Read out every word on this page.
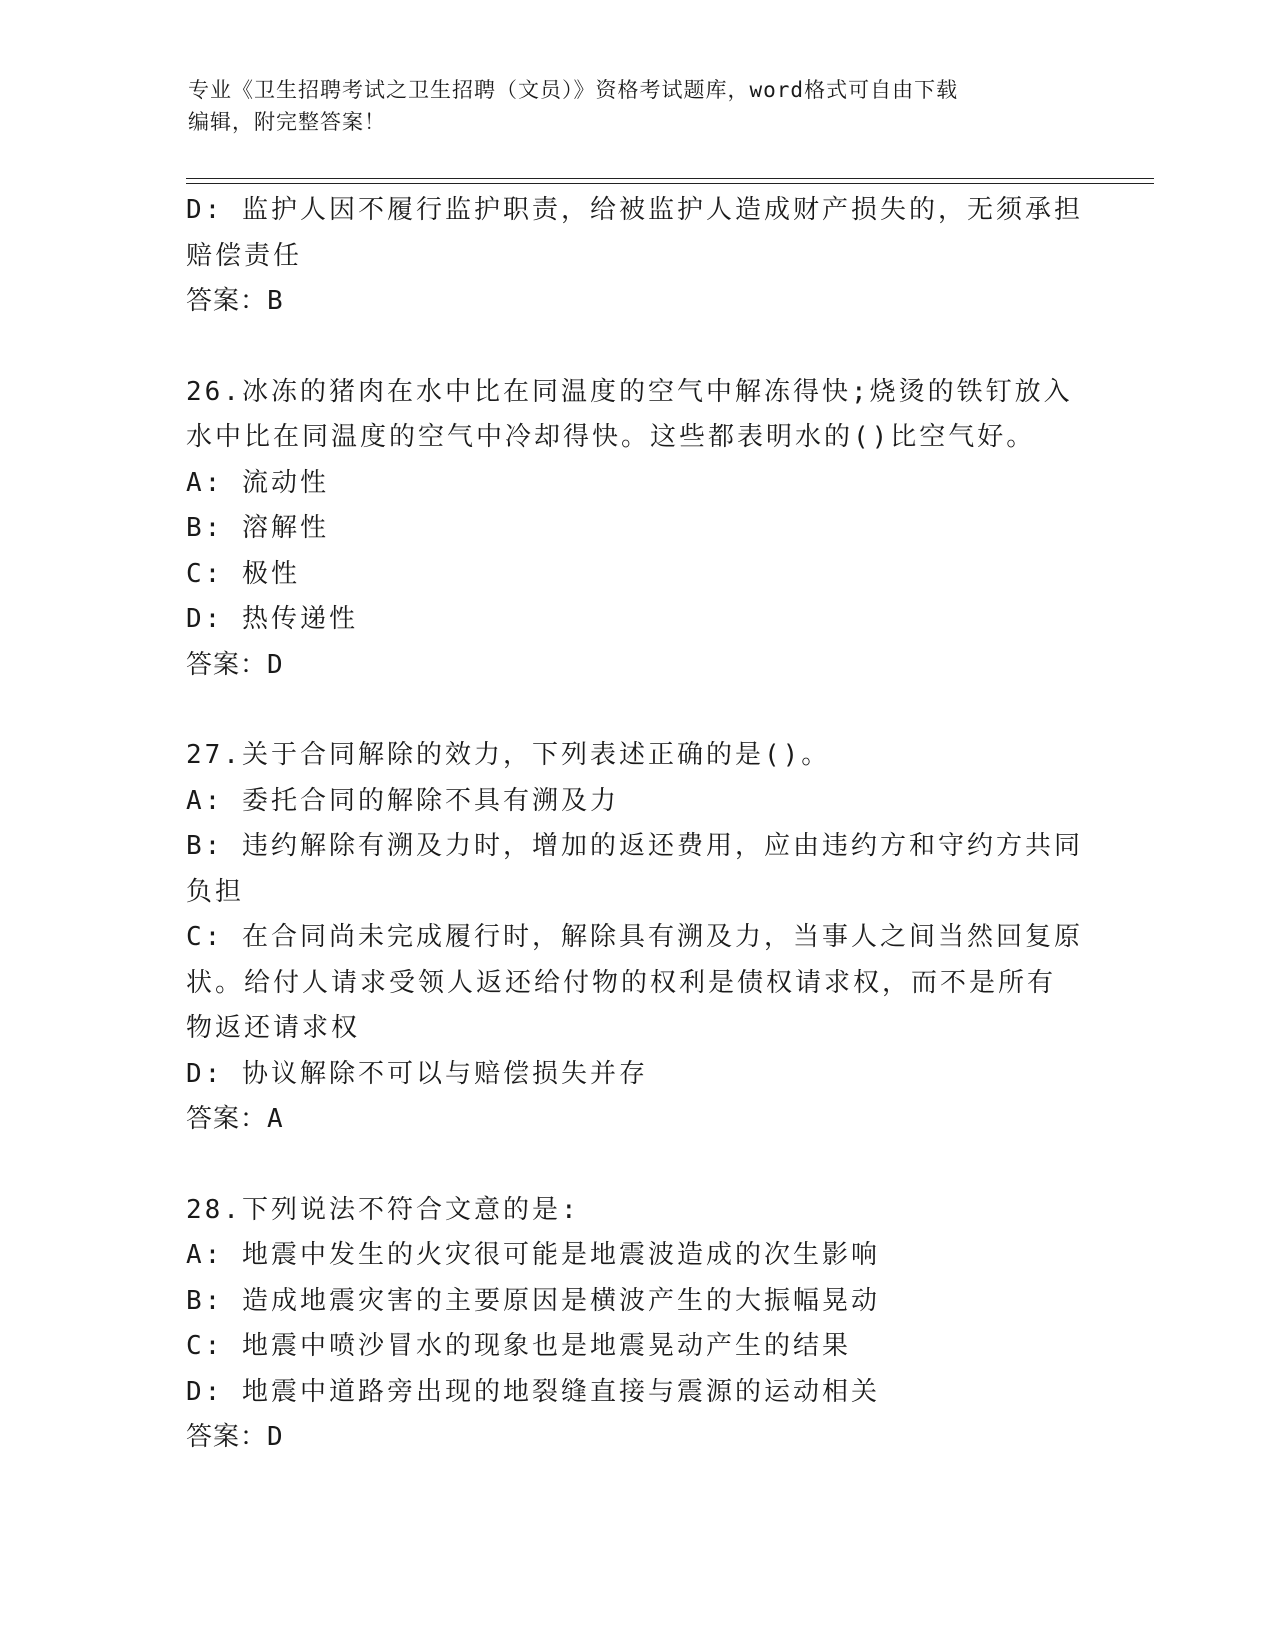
专业《卫生招聘考试之卫生招聘（文员）》资格考试题库，word格式可自由下载
编辑，附完整答案！

D: 监护人因不履行监护职责，给被监护人造成财产损失的，无须承担

赔偿责任

答案：B

26.冰冻的猪肉在水中比在同温度的空气中解冻得快;烧烫的铁钉放入

水中比在同温度的空气中冷却得快。这些都表明水的()比空气好。

A: 流动性

B: 溶解性

C: 极性

D: 热传递性

答案：D

27.关于合同解除的效力，下列表述正确的是()。

A: 委托合同的解除不具有溯及力

B: 违约解除有溯及力时，增加的返还费用，应由违约方和守约方共同

负担

C: 在合同尚未完成履行时，解除具有溯及力，当事人之间当然回复原

状。给付人请求受领人返还给付物的权利是债权请求权，而不是所有

物返还请求权

D: 协议解除不可以与赔偿损失并存

答案：A

28.下列说法不符合文意的是:

A: 地震中发生的火灾很可能是地震波造成的次生影响

B: 造成地震灾害的主要原因是横波产生的大振幅晃动

C: 地震中喷沙冒水的现象也是地震晃动产生的结果

D: 地震中道路旁出现的地裂缝直接与震源的运动相关

答案：D
